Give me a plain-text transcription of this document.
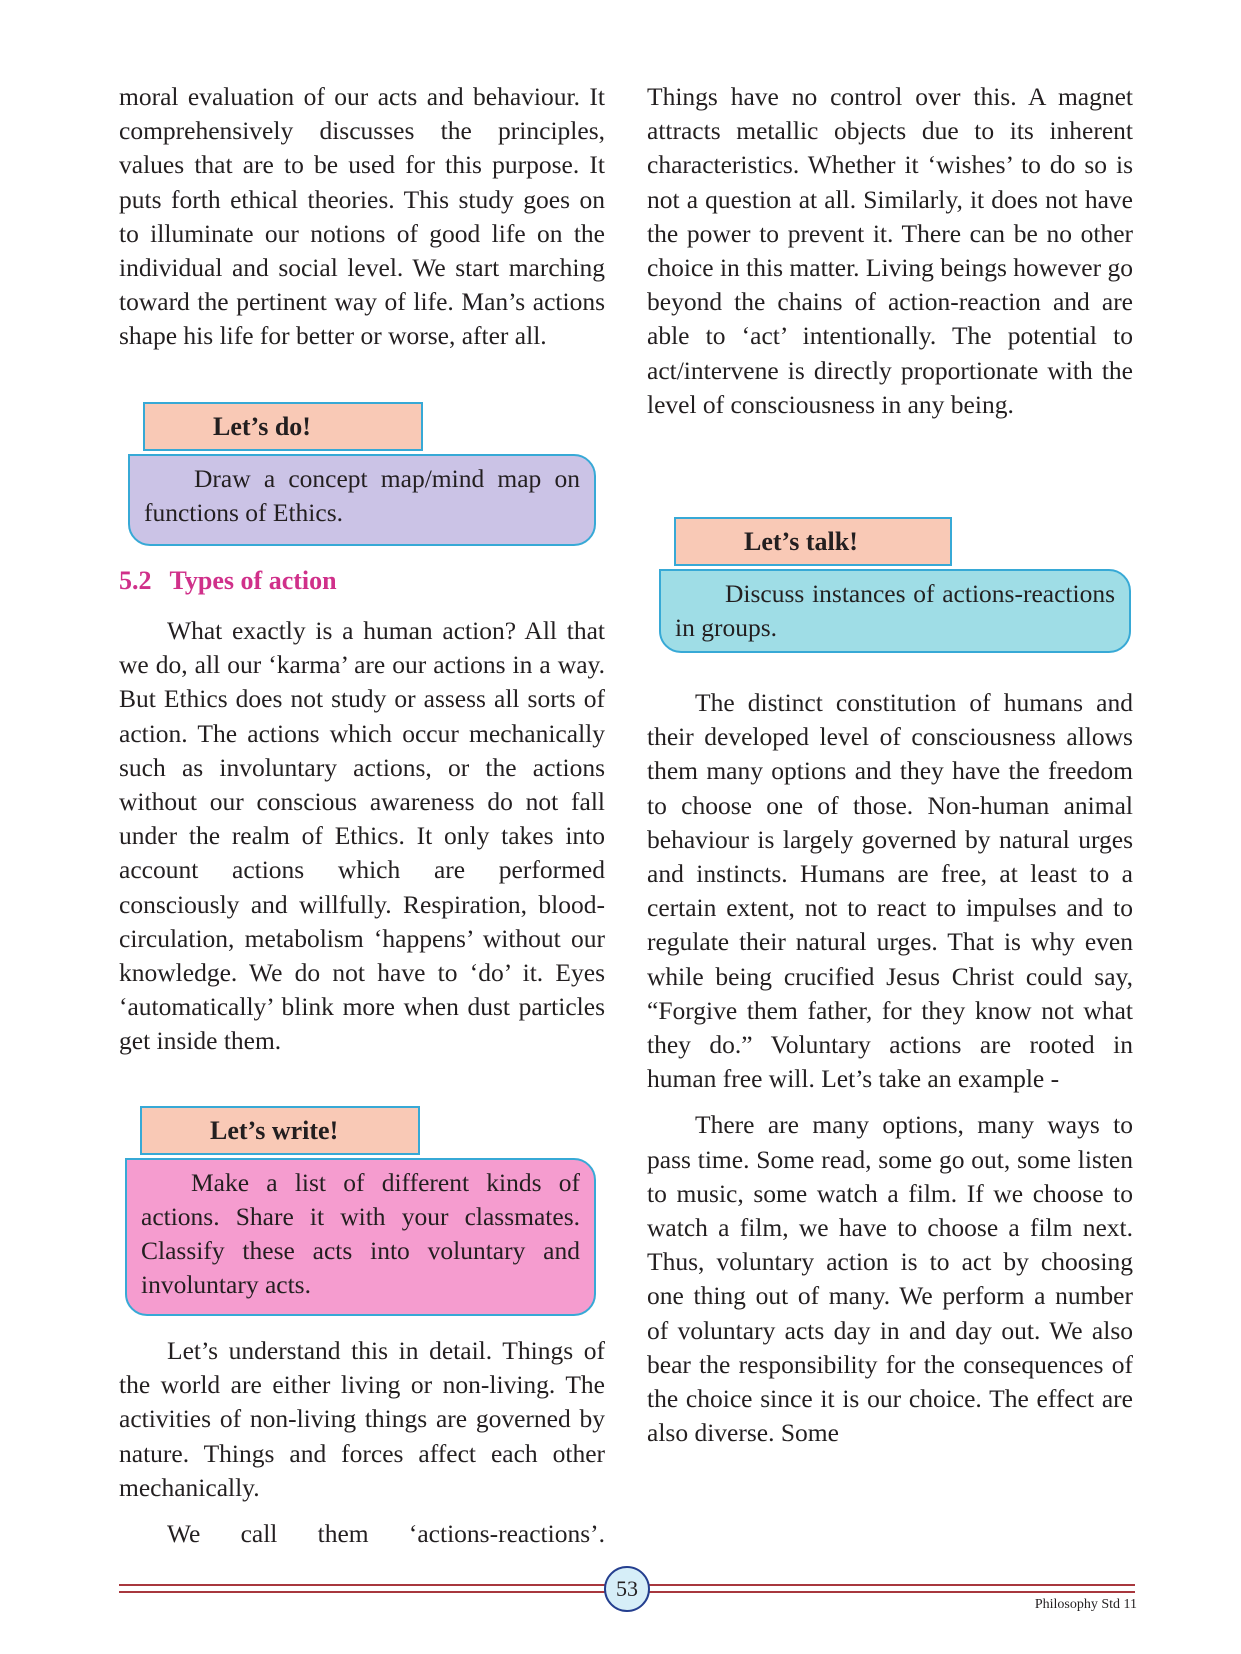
moral evaluation of our acts and behaviour. It comprehensively discusses the principles, values that are to be used for this purpose. It puts forth ethical theories. This study goes on to illuminate our notions of good life on the individual and social level. We start marching toward the pertinent way of life. Man’s actions shape his life for better or worse, after all.

Let’s do!
Draw a concept map/mind map on functions of Ethics.
5.2 Types of action

What exactly is a human action? All that we do, all our ‘karma’ are our actions in a way. But Ethics does not study or assess all sorts of action. The actions which occur mechanically such as involuntary actions, or the actions without our conscious awareness do not fall under the realm of Ethics. It only takes into account actions which are performed consciously and willfully. Respiration, blood-circulation, metabolism ‘happens’ without our knowledge. We do not have to ‘do’ it. Eyes ‘automatically’ blink more when dust particles get inside them.

Let’s write!
Make a list of different kinds of actions. Share it with your classmates. Classify these acts into voluntary and involuntary acts.

Let’s understand this in detail. Things of the world are either living or non-living. The activities of non-living things are governed by nature. Things and forces affect each other mechanically.

We call them ‘actions-reactions’.

Things have no control over this. A magnet attracts metallic objects due to its inherent characteristics. Whether it ‘wishes’ to do so is not a question at all. Similarly, it does not have the power to prevent it. There can be no other choice in this matter. Living beings however go beyond the chains of action-reaction and are able to ‘act’ intentionally. The potential to act/intervene is directly proportionate with the level of consciousness in any being.

Let’s talk!
Discuss instances of actions-reactions in groups.

The distinct constitution of humans and their developed level of consciousness allows them many options and they have the freedom to choose one of those. Non-human animal behaviour is largely governed by natural urges and instincts. Humans are free, at least to a certain extent, not to react to impulses and to regulate their natural urges. That is why even while being crucified Jesus Christ could say, “Forgive them father, for they know not what they do.” Voluntary actions are rooted in human free will. Let’s take an example -

There are many options, many ways to pass time. Some read, some go out, some listen to music, some watch a film. If we choose to watch a film, we have to choose a film next. Thus, voluntary action is to act by choosing one thing out of many. We perform a number of voluntary acts day in and day out. We also bear the responsibility for the consequences of the choice since it is our choice. The effect are also diverse. Some

53
Philosophy Std 11
